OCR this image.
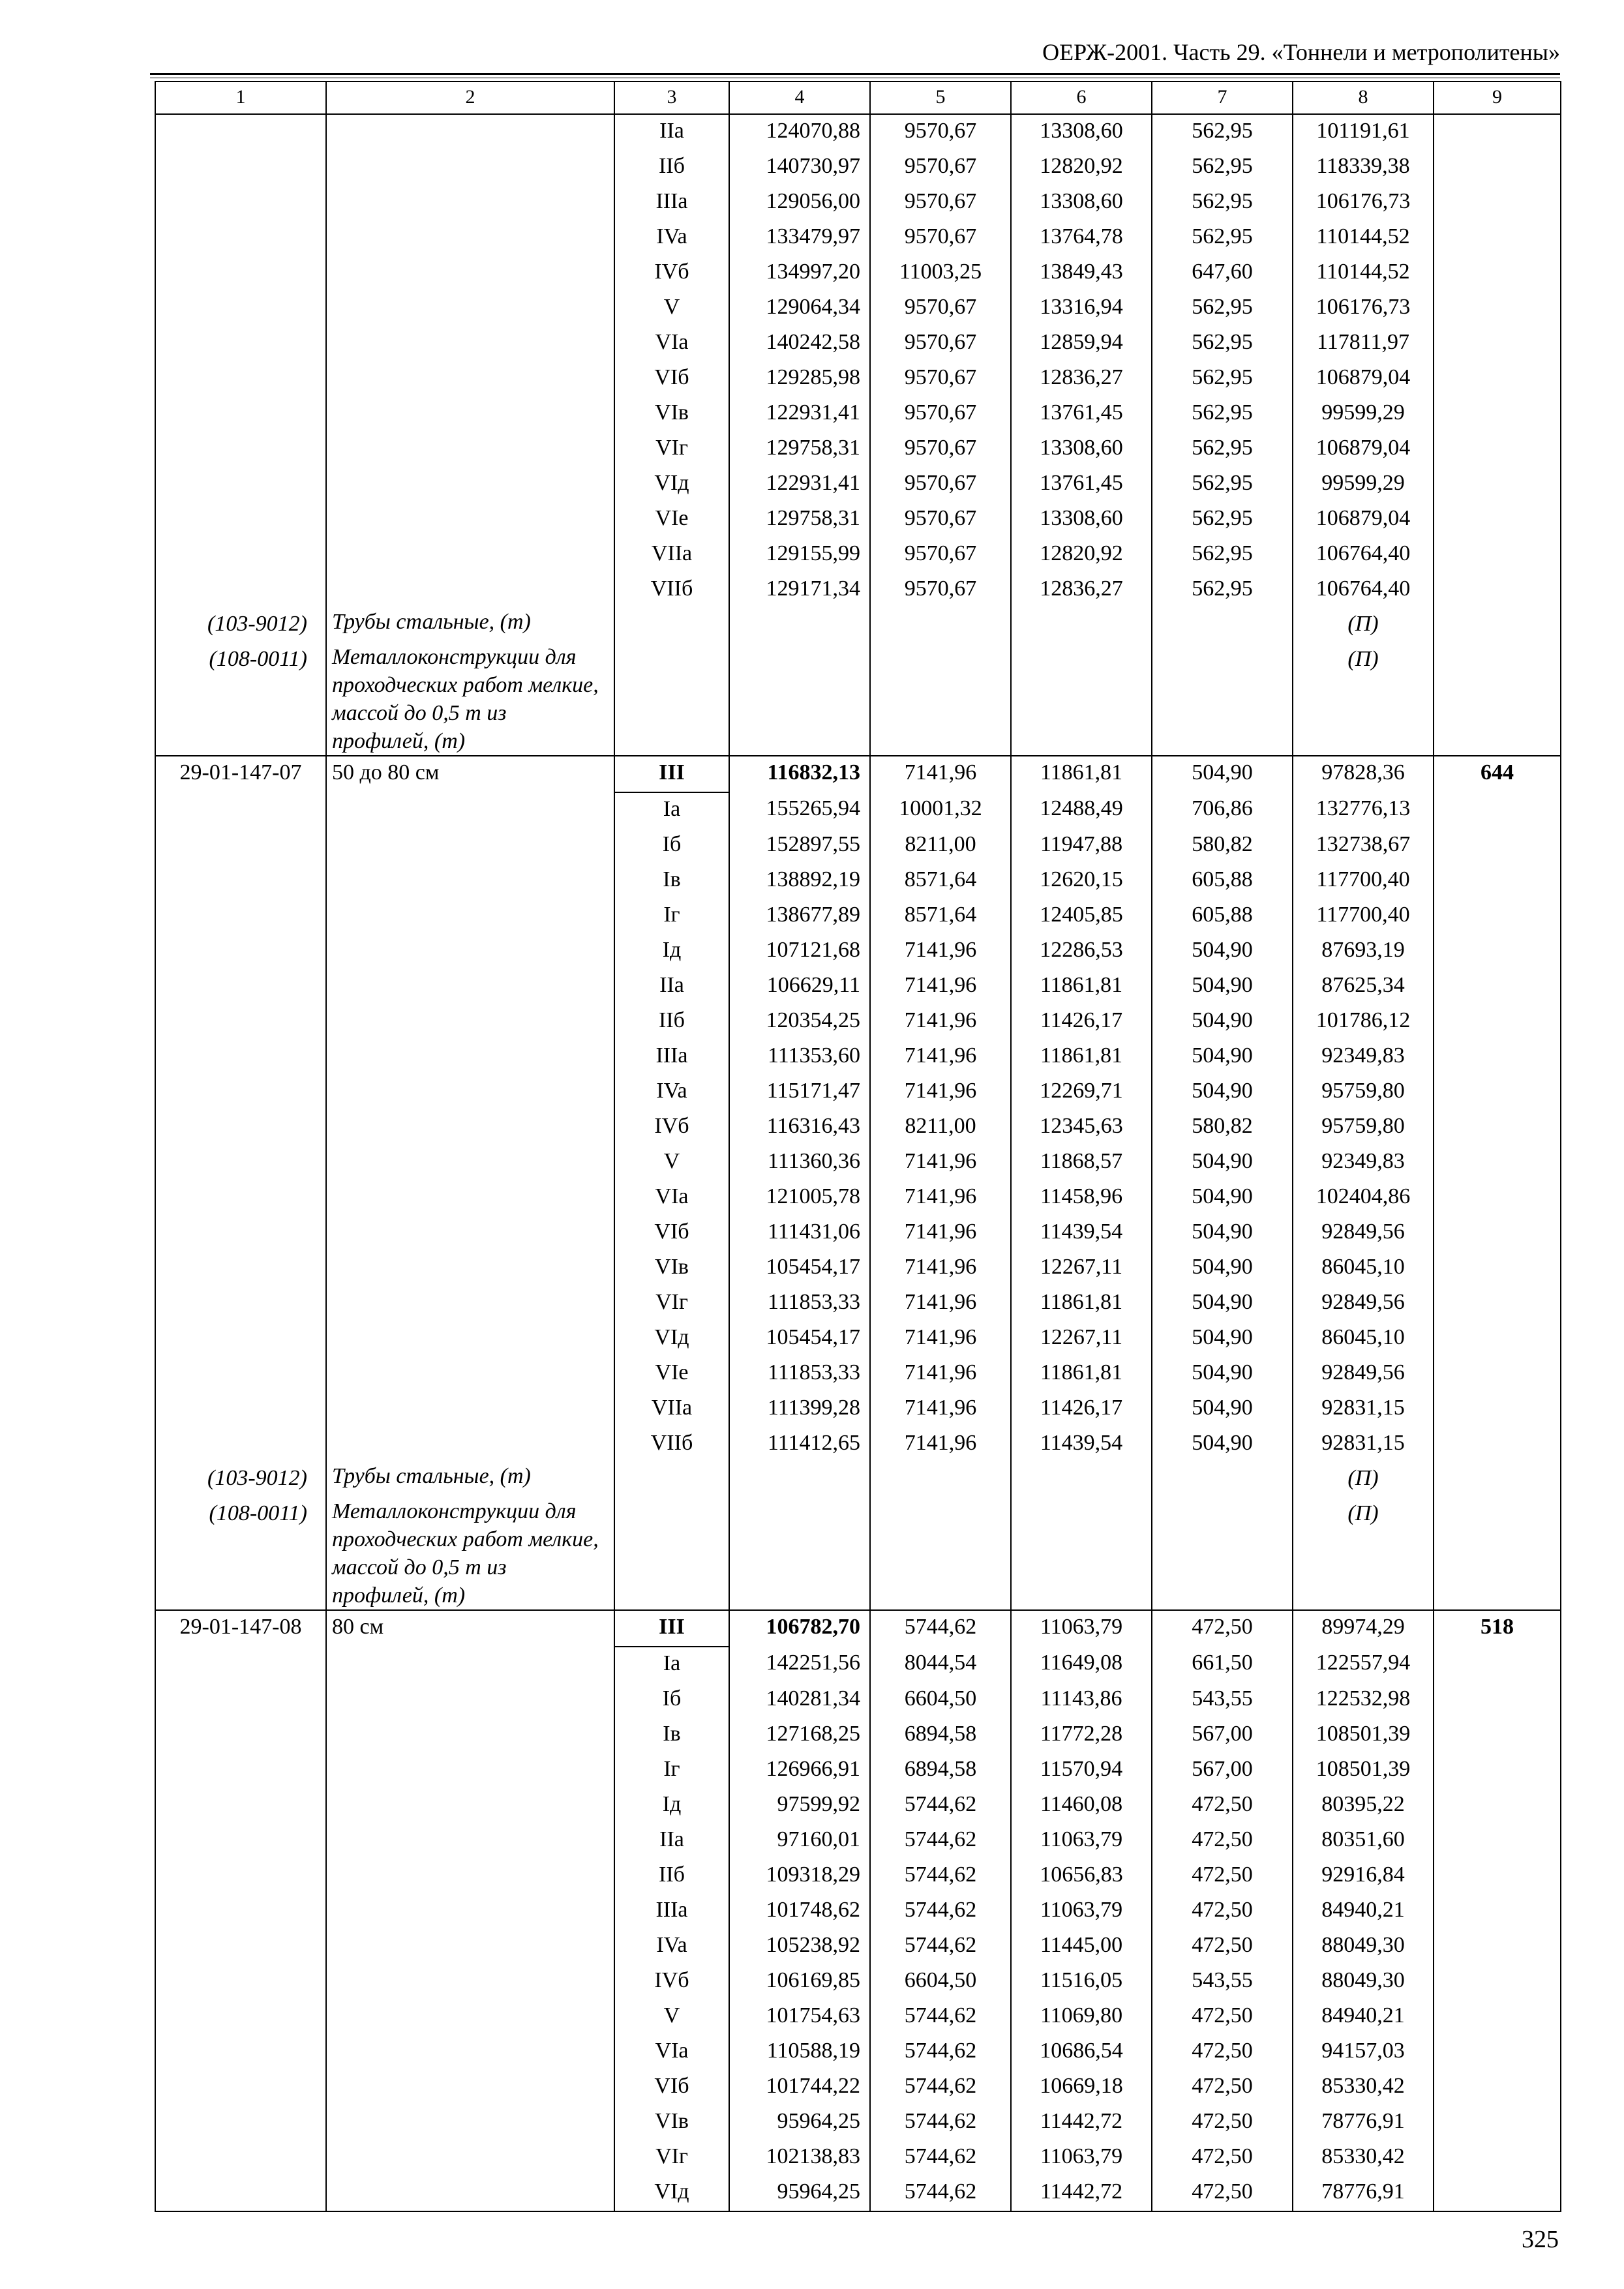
ОЕРЖ-2001. Часть 29. «Тоннели и метрополитены»
1	2	3	4	5	6	7	8	9
		IIa	124070,88	9570,67	13308,60	562,95	101191,61	
		IIб	140730,97	9570,67	12820,92	562,95	118339,38	
		IIIa	129056,00	9570,67	13308,60	562,95	106176,73	
		IVa	133479,97	9570,67	13764,78	562,95	110144,52	
		IVб	134997,20	11003,25	13849,43	647,60	110144,52	
		V	129064,34	9570,67	13316,94	562,95	106176,73	
		VIa	140242,58	9570,67	12859,94	562,95	117811,97	
		VIб	129285,98	9570,67	12836,27	562,95	106879,04	
		VIв	122931,41	9570,67	13761,45	562,95	99599,29	
		VIг	129758,31	9570,67	13308,60	562,95	106879,04	
		VIд	122931,41	9570,67	13761,45	562,95	99599,29	
		VIe	129758,31	9570,67	13308,60	562,95	106879,04	
		VIIa	129155,99	9570,67	12820,92	562,95	106764,40	
		VIIб	129171,34	9570,67	12836,27	562,95	106764,40	
(103-9012)	Трубы стальные, (т)						(П)	
(108-0011)	Металлоконструкции для проходческих работ мелкие, массой до 0,5 т из профилей, (т)						(П)	
29-01-147-07	50 до 80 см	III	116832,13	7141,96	11861,81	504,90	97828,36	644
		Ia	155265,94	10001,32	12488,49	706,86	132776,13	
		Iб	152897,55	8211,00	11947,88	580,82	132738,67	
		Iв	138892,19	8571,64	12620,15	605,88	117700,40	
		Iг	138677,89	8571,64	12405,85	605,88	117700,40	
		Iд	107121,68	7141,96	12286,53	504,90	87693,19	
		IIa	106629,11	7141,96	11861,81	504,90	87625,34	
		IIб	120354,25	7141,96	11426,17	504,90	101786,12	
		IIIa	111353,60	7141,96	11861,81	504,90	92349,83	
		IVa	115171,47	7141,96	12269,71	504,90	95759,80	
		IVб	116316,43	8211,00	12345,63	580,82	95759,80	
		V	111360,36	7141,96	11868,57	504,90	92349,83	
		VIa	121005,78	7141,96	11458,96	504,90	102404,86	
		VIб	111431,06	7141,96	11439,54	504,90	92849,56	
		VIв	105454,17	7141,96	12267,11	504,90	86045,10	
		VIг	111853,33	7141,96	11861,81	504,90	92849,56	
		VIд	105454,17	7141,96	12267,11	504,90	86045,10	
		VIe	111853,33	7141,96	11861,81	504,90	92849,56	
		VIIa	111399,28	7141,96	11426,17	504,90	92831,15	
		VIIб	111412,65	7141,96	11439,54	504,90	92831,15	
(103-9012)	Трубы стальные, (т)						(П)	
(108-0011)	Металлоконструкции для проходческих работ мелкие, массой до 0,5 т из профилей, (т)						(П)	
29-01-147-08	80 см	III	106782,70	5744,62	11063,79	472,50	89974,29	518
		Ia	142251,56	8044,54	11649,08	661,50	122557,94	
		Iб	140281,34	6604,50	11143,86	543,55	122532,98	
		Iв	127168,25	6894,58	11772,28	567,00	108501,39	
		Iг	126966,91	6894,58	11570,94	567,00	108501,39	
		Iд	97599,92	5744,62	11460,08	472,50	80395,22	
		IIa	97160,01	5744,62	11063,79	472,50	80351,60	
		IIб	109318,29	5744,62	10656,83	472,50	92916,84	
		IIIa	101748,62	5744,62	11063,79	472,50	84940,21	
		IVa	105238,92	5744,62	11445,00	472,50	88049,30	
		IVб	106169,85	6604,50	11516,05	543,55	88049,30	
		V	101754,63	5744,62	11069,80	472,50	84940,21	
		VIa	110588,19	5744,62	10686,54	472,50	94157,03	
		VIб	101744,22	5744,62	10669,18	472,50	85330,42	
		VIв	95964,25	5744,62	11442,72	472,50	78776,91	
		VIг	102138,83	5744,62	11063,79	472,50	85330,42	
		VIд	95964,25	5744,62	11442,72	472,50	78776,91	
325
